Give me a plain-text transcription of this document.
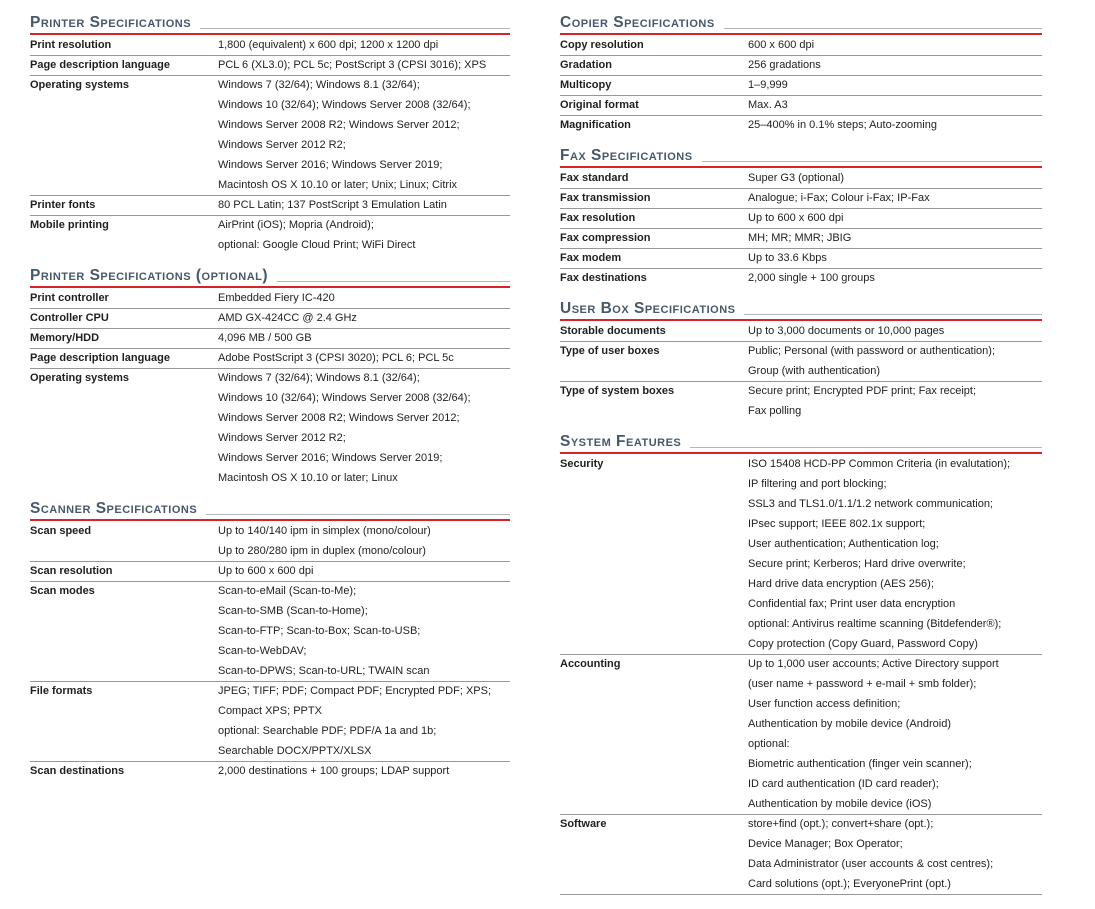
Printer Specifications
Print resolution	1,800 (equivalent) x 600 dpi; 1200 x 1200 dpi
Page description language	PCL 6 (XL3.0); PCL 5c; PostScript 3 (CPSI 3016); XPS
Operating systems	Windows 7 (32/64); Windows 8.1 (32/64);
Windows 10 (32/64); Windows Server 2008 (32/64);
Windows Server 2008 R2; Windows Server 2012;
Windows Server 2012 R2;
Windows Server 2016; Windows Server 2019;
Macintosh OS X 10.10 or later; Unix; Linux; Citrix
Printer fonts	80 PCL Latin; 137 PostScript 3 Emulation Latin
Mobile printing	AirPrint (iOS); Mopria (Android);
optional: Google Cloud Print; WiFi Direct
Printer Specifications (optional)
Print controller	Embedded Fiery IC-420
Controller CPU	AMD GX-424CC @ 2.4 GHz
Memory/HDD	4,096 MB / 500 GB
Page description language	Adobe PostScript 3 (CPSI 3020); PCL 6; PCL 5c
Operating systems	Windows 7 (32/64); Windows 8.1 (32/64);
Windows 10 (32/64); Windows Server 2008 (32/64);
Windows Server 2008 R2; Windows Server 2012;
Windows Server 2012 R2;
Windows Server 2016; Windows Server 2019;
Macintosh OS X 10.10 or later; Linux
Scanner Specifications
Scan speed	Up to 140/140 ipm in simplex (mono/colour)
Up to 280/280 ipm in duplex (mono/colour)
Scan resolution	Up to 600 x 600 dpi
Scan modes	Scan-to-eMail (Scan-to-Me);
Scan-to-SMB (Scan-to-Home);
Scan-to-FTP; Scan-to-Box; Scan-to-USB;
Scan-to-WebDAV;
Scan-to-DPWS; Scan-to-URL; TWAIN scan
File formats	JPEG; TIFF; PDF; Compact PDF; Encrypted PDF; XPS;
Compact XPS; PPTX
optional: Searchable PDF; PDF/A 1a and 1b;
Searchable DOCX/PPTX/XLSX
Scan destinations	2,000 destinations + 100 groups; LDAP support
Copier Specifications
Copy resolution	600 x 600 dpi
Gradation	256 gradations
Multicopy	1–9,999
Original format	Max. A3
Magnification	25–400% in 0.1% steps; Auto-zooming
Fax Specifications
Fax standard	Super G3 (optional)
Fax transmission	Analogue; i-Fax; Colour i-Fax; IP-Fax
Fax resolution	Up to 600 x 600 dpi
Fax compression	MH; MR; MMR; JBIG
Fax modem	Up to 33.6 Kbps
Fax destinations	2,000 single + 100 groups
User Box Specifications
Storable documents	Up to 3,000 documents or 10,000 pages
Type of user boxes	Public; Personal (with password or authentication);
Group (with authentication)
Type of system boxes	Secure print; Encrypted PDF print; Fax receipt;
Fax polling
System Features
Security	ISO 15408 HCD-PP Common Criteria (in evalutation);
IP filtering and port blocking;
SSL3 and TLS1.0/1.1/1.2 network communication;
IPsec support; IEEE 802.1x support;
User authentication; Authentication log;
Secure print; Kerberos; Hard drive overwrite;
Hard drive data encryption (AES 256);
Confidential fax; Print user data encryption
optional: Antivirus realtime scanning (Bitdefender®);
Copy protection (Copy Guard, Password Copy)
Accounting	Up to 1,000 user accounts; Active Directory support
(user name + password + e-mail + smb folder);
User function access definition;
Authentication by mobile device (Android)
optional:
Biometric authentication (finger vein scanner);
ID card authentication (ID card reader);
Authentication by mobile device (iOS)
Software	store+find (opt.); convert+share (opt.);
Device Manager; Box Operator;
Data Administrator (user accounts & cost centres);
Card solutions (opt.); EveryonePrint (opt.)
